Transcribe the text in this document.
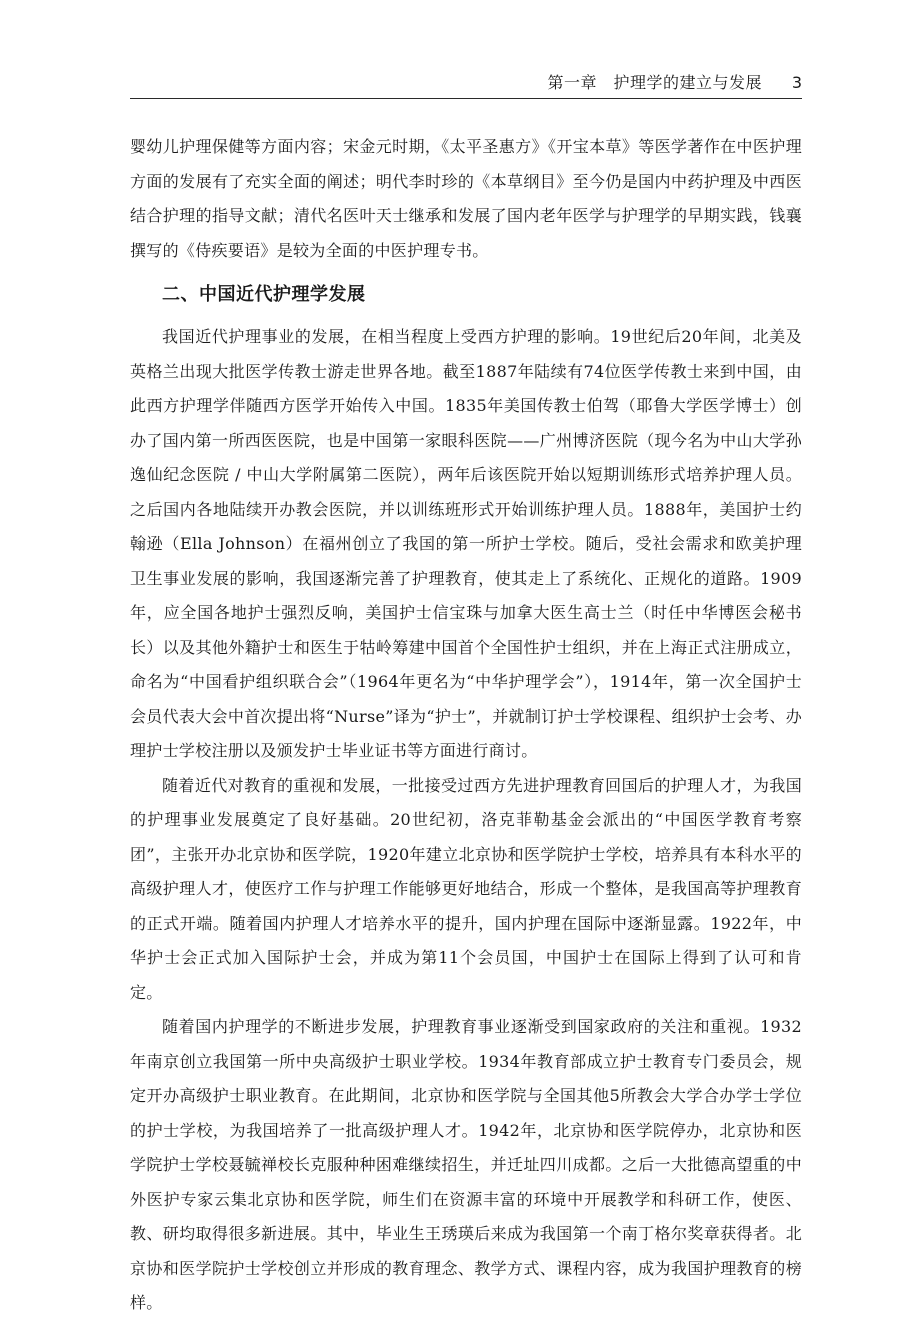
第一章　护理学的建立与发展 3

婴幼儿护理保健等方面内容；宋金元时期，《太平圣惠方》《开宝本草》等医学著作在中医护理方面的发展有了充实全面的阐述；明代李时珍的《本草纲目》至今仍是国内中药护理及中西医结合护理的指导文献；清代名医叶天士继承和发展了国内老年医学与护理学的早期实践，钱襄撰写的《侍疾要语》是较为全面的中医护理专书。

二、中国近代护理学发展

我国近代护理事业的发展，在相当程度上受西方护理的影响。19世纪后20年间，北美及英格兰出现大批医学传教士游走世界各地。截至1887年陆续有74位医学传教士来到中国，由此西方护理学伴随西方医学开始传入中国。1835年美国传教士伯驾（耶鲁大学医学博士）创办了国内第一所西医医院，也是中国第一家眼科医院——广州博济医院（现今名为中山大学孙逸仙纪念医院 / 中山大学附属第二医院），两年后该医院开始以短期训练形式培养护理人员。之后国内各地陆续开办教会医院，并以训练班形式开始训练护理人员。1888年，美国护士约翰逊（Ella Johnson）在福州创立了我国的第一所护士学校。随后，受社会需求和欧美护理卫生事业发展的影响，我国逐渐完善了护理教育，使其走上了系统化、正规化的道路。1909年，应全国各地护士强烈反响，美国护士信宝珠与加拿大医生高士兰（时任中华博医会秘书长）以及其他外籍护士和医生于牯岭筹建中国首个全国性护士组织，并在上海正式注册成立，命名为“中国看护组织联合会”（1964年更名为“中华护理学会”），1914年，第一次全国护士会员代表大会中首次提出将“Nurse”译为“护士”，并就制订护士学校课程、组织护士会考、办理护士学校注册以及颁发护士毕业证书等方面进行商讨。

随着近代对教育的重视和发展，一批接受过西方先进护理教育回国后的护理人才，为我国的护理事业发展奠定了良好基础。20世纪初，洛克菲勒基金会派出的“中国医学教育考察团”，主张开办北京协和医学院，1920年建立北京协和医学院护士学校，培养具有本科水平的高级护理人才，使医疗工作与护理工作能够更好地结合，形成一个整体，是我国高等护理教育的正式开端。随着国内护理人才培养水平的提升，国内护理在国际中逐渐显露。1922年，中华护士会正式加入国际护士会，并成为第11个会员国，中国护士在国际上得到了认可和肯定。

随着国内护理学的不断进步发展，护理教育事业逐渐受到国家政府的关注和重视。1932年南京创立我国第一所中央高级护士职业学校。1934年教育部成立护士教育专门委员会，规定开办高级护士职业教育。在此期间，北京协和医学院与全国其他5所教会大学合办学士学位的护士学校，为我国培养了一批高级护理人才。1942年，北京协和医学院停办，北京协和医学院护士学校聂毓禅校长克服种种困难继续招生，并迁址四川成都。之后一大批德高望重的中外医护专家云集北京协和医学院，师生们在资源丰富的环境中开展教学和科研工作，使医、教、研均取得很多新进展。其中，毕业生王琇瑛后来成为我国第一个南丁格尔奖章获得者。北京协和医学院护士学校创立并形成的教育理念、教学方式、课程内容，成为我国护理教育的榜样。
